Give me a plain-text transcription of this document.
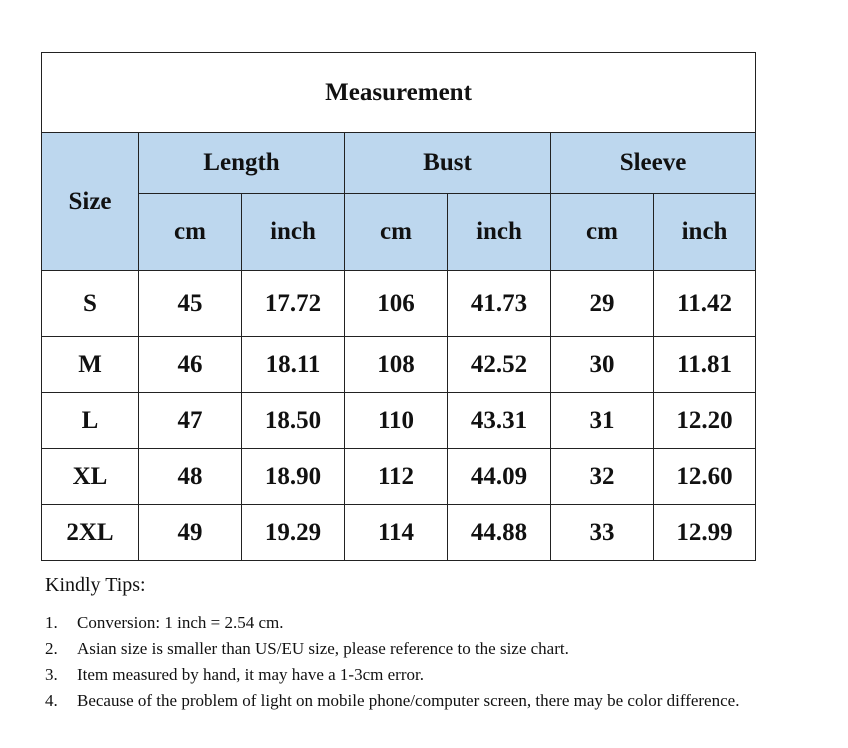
Measurement						
Size	Length		Bust		Sleeve	
	cm	inch	cm	inch	cm	inch
S	45	17.72	106	41.73	29	11.42
M	46	18.11	108	42.52	30	11.81
L	47	18.50	110	43.31	31	12.20
XL	48	18.90	112	44.09	32	12.60
2XL	49	19.29	114	44.88	33	12.99
Kindly Tips:
1.	Conversion: 1 inch = 2.54 cm.
2.	Asian size is smaller than US/EU size, please reference to the size chart.
3.	Item measured by hand, it may have a 1-3cm error.
4.	Because of the problem of light on mobile phone/computer screen, there may be color difference.
